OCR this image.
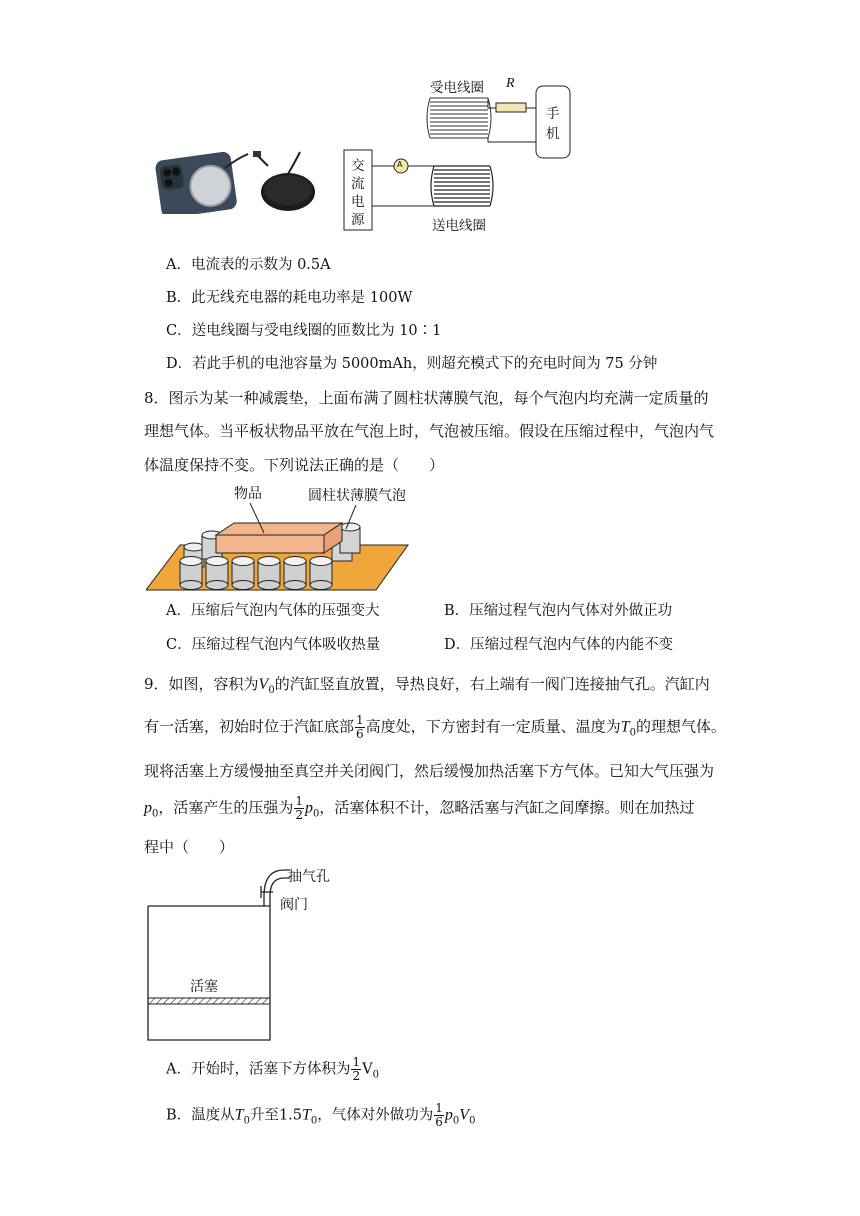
受电线圈 R
手
机
交
流
电
源
A
送电线圈
A．电流表的示数为 0.5A
B．此无线充电器的耗电功率是 100W
C．送电线圈与受电线圈的匝数比为 10∶1
D．若此手机的电池容量为 5000mAh，则超充模式下的充电时间为 75 分钟
8．图示为某一种减震垫，上面布满了圆柱状薄膜气泡，每个气泡内均充满一定质量的
理想气体。当平板状物品平放在气泡上时，气泡被压缩。假设在压缩过程中，气泡内气
体温度保持不变。下列说法正确的是（　　）
物品	圆柱状薄膜气泡
A．压缩后气泡内气体的压强变大	B．压缩过程气泡内气体对外做正功
C．压缩过程气泡内气体吸收热量	D．压缩过程气泡内气体的内能不变
9．如图，容积为$V_0$的汽缸竖直放置，导热良好，右上端有一阀门连接抽气孔。汽缸内
有一活塞，初始时位于汽缸底部 $\frac{1}{6}$ 高度处，下方密封有一定质量、温度为$T_0$的理想气体。
现将活塞上方缓慢抽至真空并关闭阀门，然后缓慢加热活塞下方气体。已知大气压强为
$p_0$，活塞产生的压强为 $\frac{1}{2} p_0$，活塞体积不计，忽略活塞与汽缸之间摩擦。则在加热过
程中（　　）
抽气孔
阀门
活塞
A．开始时，活塞下方体积为 $\frac{1}{2} V_0$
B．温度从$T_0$升至$1.5T_0$，气体对外做功为 $\frac{1}{6} p_0V_0$
